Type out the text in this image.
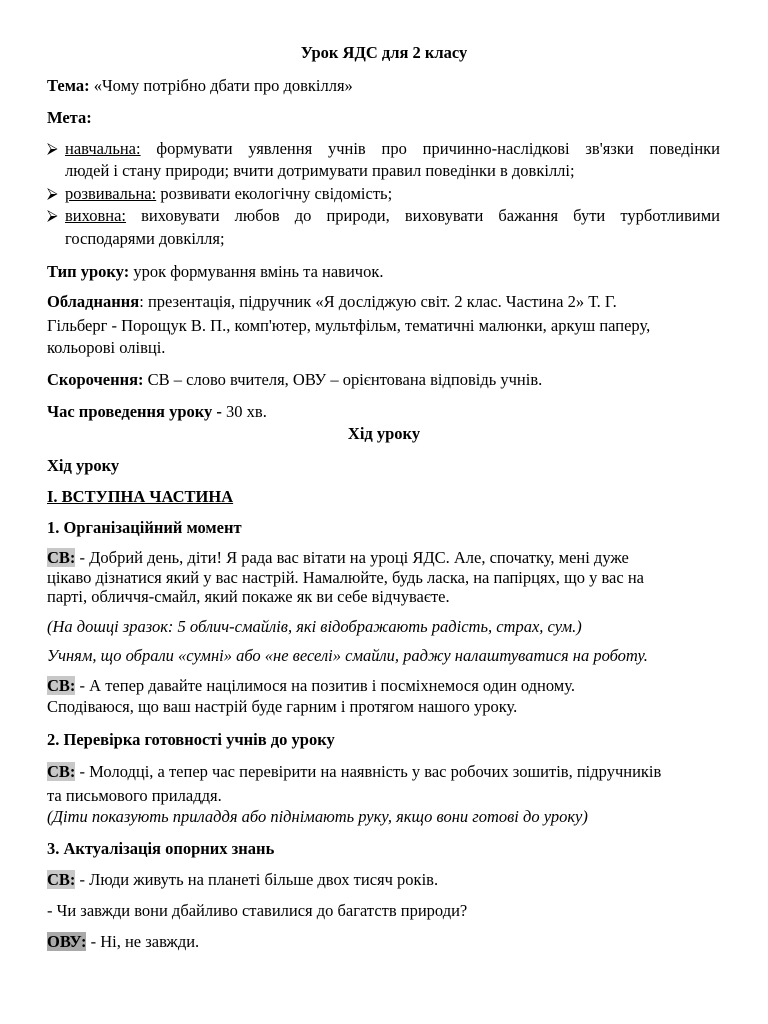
Урок ЯДС для 2 класу
Тема: «Чому потрібно дбати про довкілля»
Мета:
⮚ навчальна: формувати уявлення учнів про причинно-наслідкові зв'язки поведінки
людей і стану природи; вчити дотримувати правил поведінки в довкіллі;
⮚ розвивальна: розвивати екологічну свідомість;
⮚ виховна: виховувати любов до природи, виховувати бажання бути турботливими
господарями довкілля;
Тип уроку: урок формування вмінь та навичок.
Обладнання: презентація, підручник «Я досліджую світ. 2 клас. Частина 2» Т. Г.
Гільберг - Порощук В. П., комп'ютер, мультфільм, тематичні малюнки, аркуш паперу,
кольорові олівці.
Скорочення: СВ – слово вчителя, ОВУ – орієнтована відповідь учнів.
Час проведення уроку - 30 хв.
Хід уроку
Хід уроку
I. ВСТУПНА ЧАСТИНА
1. Організаційний момент
СВ: - Добрий день, діти! Я рада вас вітати на уроці ЯДС. Але, спочатку, мені дуже
цікаво дізнатися який у вас настрій. Намалюйте, будь ласка, на папірцях, що у вас на
парті, обличчя-смайл, який покаже як ви себе відчуваєте.
(На дошці зразок: 5 облич-смайлів, які відображають радість, страх, сум.)
Учням, що обрали «сумні» або «не веселі» смайли, раджу налаштуватися на роботу.
СВ: - А тепер давайте націлимося на позитив і посміхнемося один одному.
Сподіваюся, що ваш настрій буде гарним і протягом нашого уроку.
2. Перевірка готовності учнів до уроку
СВ: - Молодці, а тепер час перевірити на наявність у вас робочих зошитів, підручників
та письмового приладдя.
(Діти показують приладдя або піднімають руку, якщо вони готові до уроку)
3. Актуалізація опорних знань
СВ: - Люди живуть на планеті більше двох тисяч років.
- Чи завжди вони дбайливо ставилися до багатств природи?
ОВУ: - Ні, не завжди.
